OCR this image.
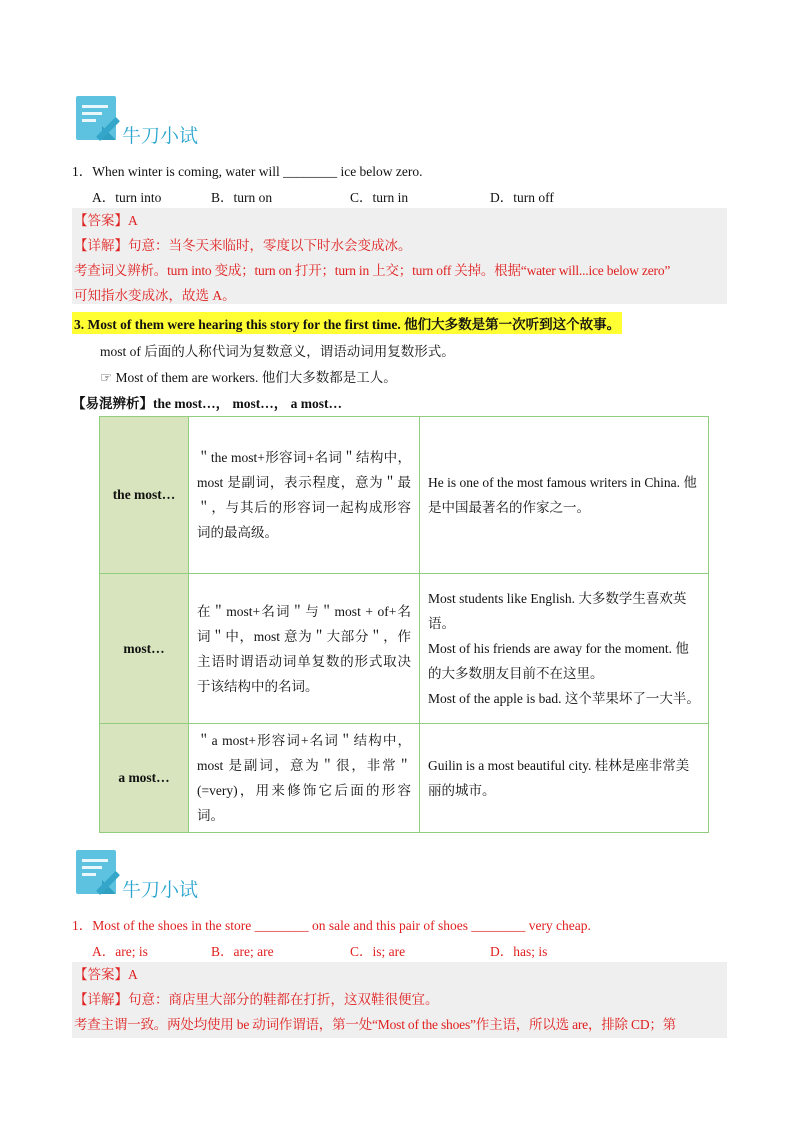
牛刀小试
1．When winter is coming, water will ________ ice below zero.
A．turn into	B．turn on	C．turn in	D．turn off
【答案】A
【详解】句意：当冬天来临时，零度以下时水会变成冰。
考查词义辨析。turn into 变成；turn on 打开；turn in 上交；turn off 关掉。根据“water will...ice below zero”
可知指水变成冰，故选 A。
3. Most of them were hearing this story for the first time. 他们大多数是第一次听到这个故事。
most of 后面的人称代词为复数意义，谓语动词用复数形式。
☞ Most of them are workers. 他们大多数都是工人。
【易混辨析】the most…， most…， a most…
the most…	＂the most+形容词+名词＂结构中，most 是副词，表示程度，意为＂最＂，与其后的形容词一起构成形容词的最高级。	He is one of the most famous writers in China. 他是中国最著名的作家之一。
most…	在＂most+名词＂与＂most + of+名词＂中，most 意为＂大部分＂，作主语时谓语动词单复数的形式取决于该结构中的名词。	Most students like English. 大多数学生喜欢英语。
Most of his friends are away for the moment. 他的大多数朋友目前不在这里。
Most of the apple is bad. 这个苹果坏了一大半。

a most…	＂a most+形容词+名词＂结构中，most 是副词，意为＂很，非常＂(=very)，用来修饰它后面的形容词。	Guilin is a most beautiful city. 桂林是座非常美丽的城市。
牛刀小试
1．Most of the shoes in the store ________ on sale and this pair of shoes ________ very cheap.
A．are; is	B．are; are	C．is; are	D．has; is
【答案】A
【详解】句意：商店里大部分的鞋都在打折，这双鞋很便宜。
考查主谓一致。两处均使用 be 动词作谓语，第一处“Most of the shoes”作主语，所以选 are，排除 CD；第
